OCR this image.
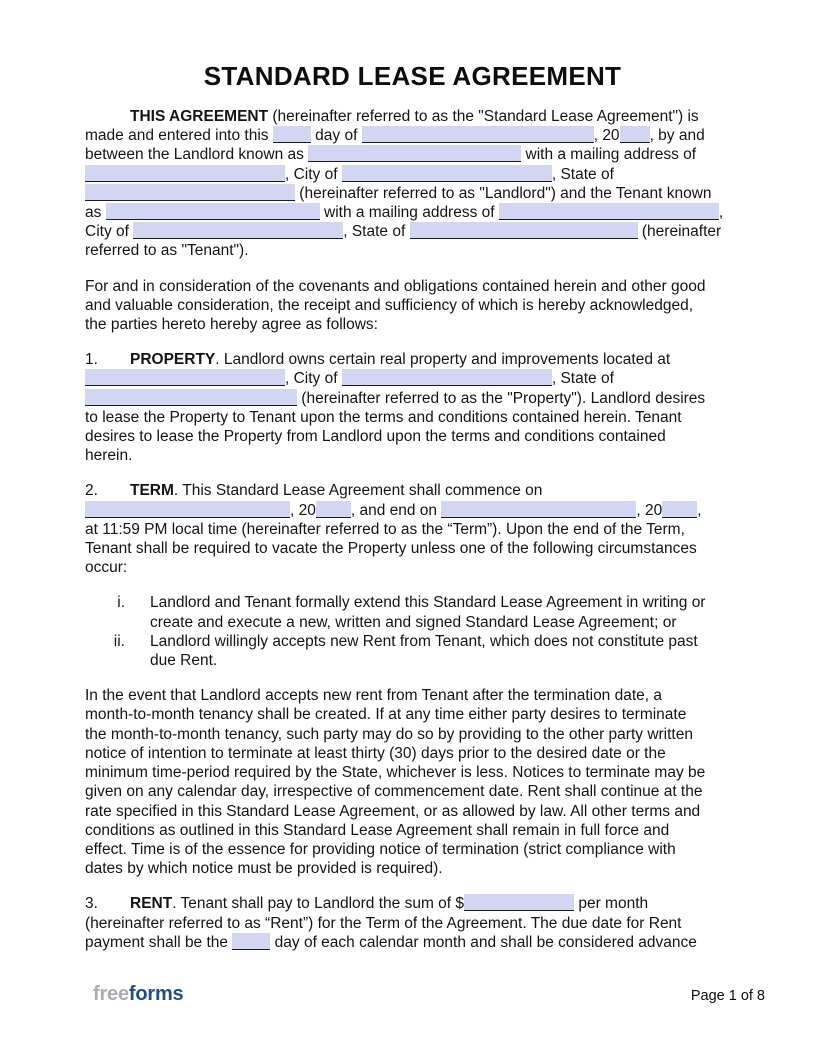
STANDARD LEASE AGREEMENT

THIS AGREEMENT (hereinafter referred to as the "Standard Lease Agreement") is
made and entered into this  day of	, 20 , by and
between the Landlord known as	with a mailing address of
, City of	, State of
(hereinafter referred to as "Landlord") and the Tenant known
as	with a mailing address of	,
City of	, State of	(hereinafter
referred to as "Tenant").

For and in consideration of the covenants and obligations contained herein and other good
and valuable consideration, the receipt and sufficiency of which is hereby acknowledged,
the parties hereto hereby agree as follows:

1. PROPERTY. Landlord owns certain real property and improvements located at
, City of	, State of
(hereinafter referred to as the "Property"). Landlord desires
to lease the Property to Tenant upon the terms and conditions contained herein. Tenant
desires to lease the Property from Landlord upon the terms and conditions contained
herein.

2. TERM. This Standard Lease Agreement shall commence on
, 20 , and end on	, 20 ,
at 11:59 PM local time (hereinafter referred to as the “Term”). Upon the end of the Term,
Tenant shall be required to vacate the Property unless one of the following circumstances
occur:

i.	Landlord and Tenant formally extend this Standard Lease Agreement in writing or
create and execute a new, written and signed Standard Lease Agreement; or
ii.	Landlord willingly accepts new Rent from Tenant, which does not constitute past
due Rent.

In the event that Landlord accepts new rent from Tenant after the termination date, a
month-to-month tenancy shall be created. If at any time either party desires to terminate
the month-to-month tenancy, such party may do so by providing to the other party written
notice of intention to terminate at least thirty (30) days prior to the desired date or the
minimum time-period required by the State, whichever is less. Notices to terminate may be
given on any calendar day, irrespective of commencement date. Rent shall continue at the
rate specified in this Standard Lease Agreement, or as allowed by law. All other terms and
conditions as outlined in this Standard Lease Agreement shall remain in full force and
effect. Time is of the essence for providing notice of termination (strict compliance with
dates by which notice must be provided is required).

3. RENT. Tenant shall pay to Landlord the sum of $	per month
(hereinafter referred to as “Rent”) for the Term of the Agreement. The due date for Rent
payment shall be the  day of each calendar month and shall be considered advance

freeforms	Page 1 of 8
